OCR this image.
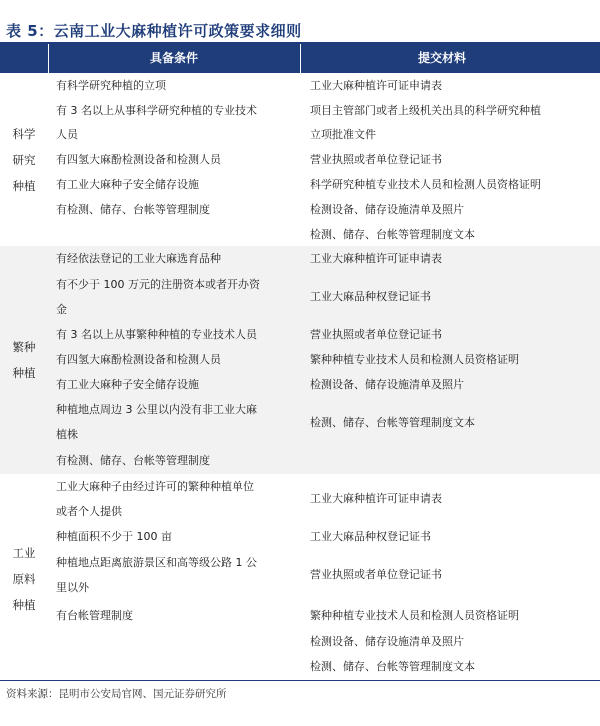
表 5：云南工业大麻种植许可政策要求细则
具备条件	提交材料
科学
研究
种植
有科学研究种植的立项
有 3 名以上从事科学研究种植的专业技术
人员
有四氢大麻酚检测设备和检测人员
有工业大麻种子安全储存设施
有检测、储存、台帐等管理制度
工业大麻种植许可证申请表
项目主管部门或者上级机关出具的科学研究种植
立项批准文件
营业执照或者单位登记证书
科学研究种植专业技术人员和检测人员资格证明
检测设备、储存设施清单及照片
检测、储存、台帐等管理制度文本
繁种
种植
有经依法登记的工业大麻选育品种
有不少于 100 万元的注册资本或者开办资
金
有 3 名以上从事繁种种植的专业技术人员
有四氢大麻酚检测设备和检测人员
有工业大麻种子安全储存设施
种植地点周边 3 公里以内没有非工业大麻
植株
有检测、储存、台帐等管理制度
工业大麻种植许可证申请表
工业大麻品种权登记证书
营业执照或者单位登记证书
繁种种植专业技术人员和检测人员资格证明
检测设备、储存设施清单及照片
检测、储存、台帐等管理制度文本
工业
原料
种植
工业大麻种子由经过许可的繁种种植单位
或者个人提供
种植面积不少于 100 亩
种植地点距离旅游景区和高等级公路 1 公
里以外
有台帐管理制度
工业大麻种植许可证申请表
工业大麻品种权登记证书
营业执照或者单位登记证书
繁种种植专业技术人员和检测人员资格证明
检测设备、储存设施清单及照片
检测、储存、台帐等管理制度文本
资料来源：昆明市公安局官网、国元证券研究所
